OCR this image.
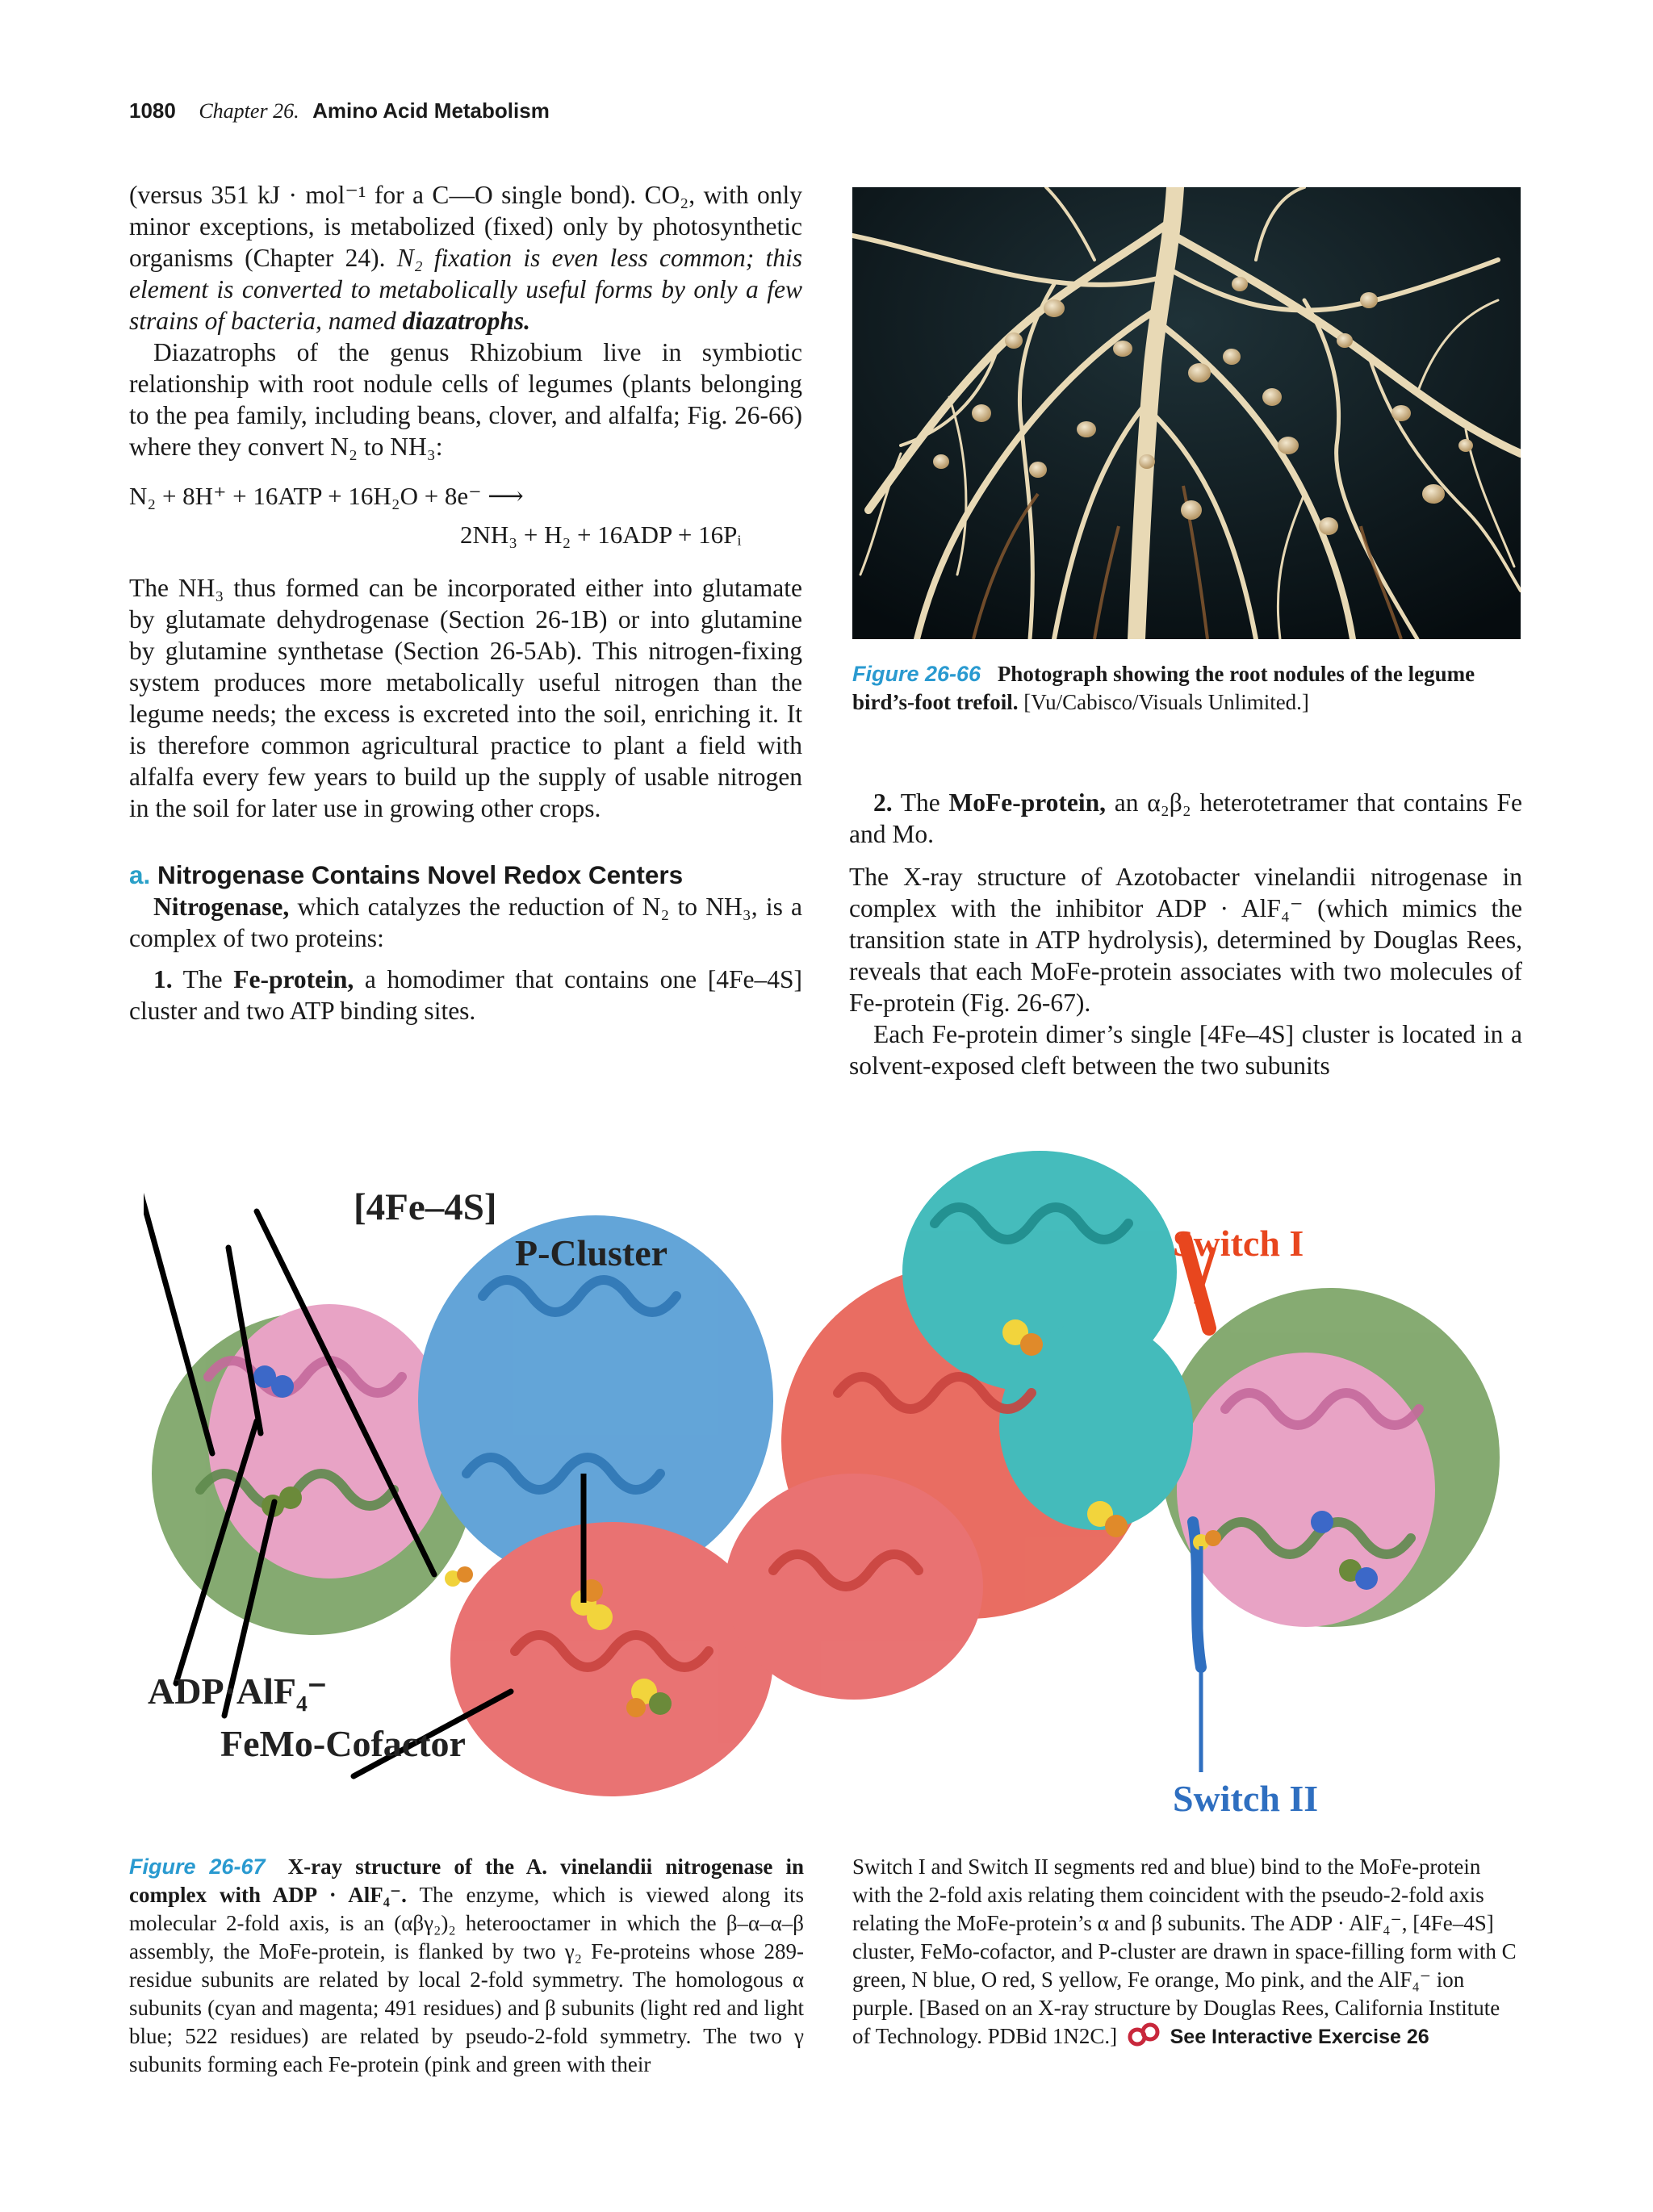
1080 Chapter 26. Amino Acid Metabolism

(versus 351 kJ · mol⁻¹ for a C—O single bond). CO₂, with only minor exceptions, is metabolized (fixed) only by photosynthetic organisms (Chapter 24). N₂ fixation is even less common; this element is converted to metabolically useful forms by only a few strains of bacteria, named diazatrophs.

Diazatrophs of the genus Rhizobium live in symbiotic relationship with root nodule cells of legumes (plants belonging to the pea family, including beans, clover, and alfalfa; Fig. 26-66) where they convert N₂ to NH₃:

N₂ + 8H⁺ + 16ATP + 16H₂O + 8e⁻ ⟶
2NH₃ + H₂ + 16ADP + 16Pᵢ

The NH₃ thus formed can be incorporated either into glutamate by glutamate dehydrogenase (Section 26-1B) or into glutamine by glutamine synthetase (Section 26-5Ab). This nitrogen-fixing system produces more metabolically useful nitrogen than the legume needs; the excess is excreted into the soil, enriching it. It is therefore common agricultural practice to plant a field with alfalfa every few years to build up the supply of usable nitrogen in the soil for later use in growing other crops.

a. Nitrogenase Contains Novel Redox Centers

Nitrogenase, which catalyzes the reduction of N₂ to NH₃, is a complex of two proteins:

1. The Fe-protein, a homodimer that contains one [4Fe–4S] cluster and two ATP binding sites.

Figure 26-66 Photograph showing the root nodules of the legume bird’s-foot trefoil. [Vu/Cabisco/Visuals Unlimited.]

2. The MoFe-protein, an α₂β₂ heterotetramer that contains Fe and Mo.

The X-ray structure of Azotobacter vinelandii nitrogenase in complex with the inhibitor ADP · AlF₄⁻ (which mimics the transition state in ATP hydrolysis), determined by Douglas Rees, reveals that each MoFe-protein associates with two molecules of Fe-protein (Fig. 26-67).

Each Fe-protein dimer’s single [4Fe–4S] cluster is located in a solvent-exposed cleft between the two subunits

[4Fe–4S]
P-Cluster	Switch I
Switch II
ADP·AlF₄⁻
FeMo-Cofactor
Figure 26-67 X-ray structure of the A. vinelandii nitrogenase in complex with ADP · AlF₄⁻. The enzyme, which is viewed along its molecular 2-fold axis, is an (αβγ₂)₂ heterooctamer in which the β–α–α–β assembly, the MoFe-protein, is flanked by two γ₂ Fe-proteins whose 289-residue subunits are related by local 2-fold symmetry. The homologous α subunits (cyan and magenta; 491 residues) and β subunits (light red and light blue; 522 residues) are related by pseudo-2-fold symmetry. The two γ subunits forming each Fe-protein (pink and green with their
Switch I and Switch II segments red and blue) bind to the MoFe-protein with the 2-fold axis relating them coincident with the pseudo-2-fold axis relating the MoFe-protein’s α and β subunits. The ADP · AlF₄⁻, [4Fe–4S] cluster, FeMo-cofactor, and P-cluster are drawn in space-filling form with C green, N blue, O red, S yellow, Fe orange, Mo pink, and the AlF₄⁻ ion purple. [Based on an X-ray structure by Douglas Rees, California Institute of Technology. PDBid 1N2C.]	See Interactive Exercise 26
